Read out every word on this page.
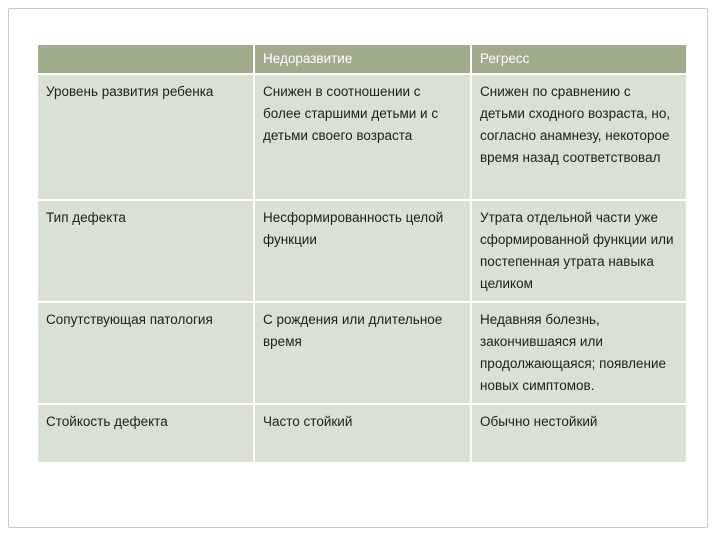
	Недоразвитие	Регресс
Уровень развития ребенка	Снижен в соотношении с более старшими детьми и с детьми своего возраста	Снижен по сравнению с детьми сходного возраста, но, согласно анамнезу, некоторое время назад соответствовал
Тип дефекта	Несформированность целой функции	Утрата отдельной части уже сформированной функции или постепенная утрата навыка целиком
Сопутствующая патология	С рождения или длительное время	Недавняя болезнь, закончившаяся или продолжающаяся; появление новых симптомов.
Стойкость дефекта	Часто стойкий	Обычно нестойкий
